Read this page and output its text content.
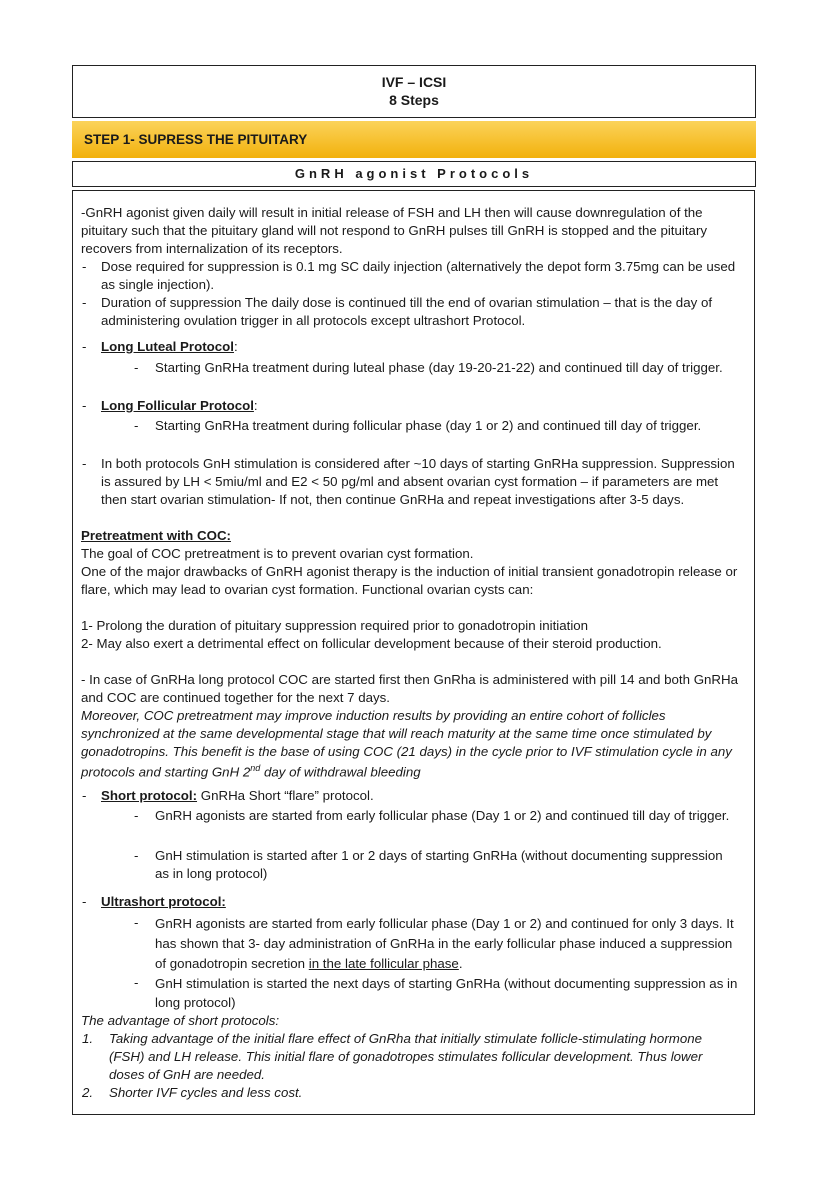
IVF – ICSI
8 Steps
STEP 1- SUPRESS THE PITUITARY
GnRH agonist Protocols

-GnRH agonist given daily will result in initial release of FSH and LH then will cause downregulation of the pituitary such that the pituitary gland will not respond to GnRH pulses till GnRH is stopped and the pituitary recovers from internalization of its receptors.

- Dose required for suppression is 0.1 mg SC daily injection (alternatively the depot form 3.75mg can be used as single injection).

- Duration of suppression The daily dose is continued till the end of ovarian stimulation – that is the day of administering ovulation trigger in all protocols except ultrashort Protocol.

- Long Luteal Protocol:

- Starting GnRHa treatment during luteal phase (day 19-20-21-22) and continued till day of trigger.

- Long Follicular Protocol:

- Starting GnRHa treatment during follicular phase (day 1 or 2) and continued till day of trigger.

- In both protocols GnH stimulation is considered after ~10 days of starting GnRHa suppression. Suppression is assured by LH < 5miu/ml and E2 < 50 pg/ml and absent ovarian cyst formation – if parameters are met then start ovarian stimulation- If not, then continue GnRHa and repeat investigations after 3-5 days.

Pretreatment with COC:

The goal of COC pretreatment is to prevent ovarian cyst formation.

One of the major drawbacks of GnRH agonist therapy is the induction of initial transient gonadotropin release or flare, which may lead to ovarian cyst formation. Functional ovarian cysts can:

1- Prolong the duration of pituitary suppression required prior to gonadotropin initiation

2- May also exert a detrimental effect on follicular development because of their steroid production.

- In case of GnRHa long protocol COC are started first then GnRha is administered with pill 14 and both GnRHa and COC are continued together for the next 7 days.

Moreover, COC pretreatment may improve induction results by providing an entire cohort of follicles synchronized at the same developmental stage that will reach maturity at the same time once stimulated by gonadotropins. This benefit is the base of using COC (21 days) in the cycle prior to IVF stimulation cycle in any protocols and starting GnH 2nd day of withdrawal bleeding

- Short protocol: GnRHa Short “flare” protocol.

- GnRH agonists are started from early follicular phase (Day 1 or 2) and continued till day of trigger.

- GnH stimulation is started after 1 or 2 days of starting GnRHa (without documenting suppression as in long protocol)

- Ultrashort protocol:

- GnRH agonists are started from early follicular phase (Day 1 or 2) and continued for only 3 days. It has shown that 3- day administration of GnRHa in the early follicular phase induced a suppression of gonadotropin secretion in the late follicular phase.

- GnH stimulation is started the next days of starting GnRHa (without documenting suppression as in long protocol)

The advantage of short protocols:

1. Taking advantage of the initial flare effect of GnRha that initially stimulate follicle-stimulating hormone (FSH) and LH release. This initial flare of gonadotropes stimulates follicular development. Thus lower doses of GnH are needed.

2. Shorter IVF cycles and less cost.
